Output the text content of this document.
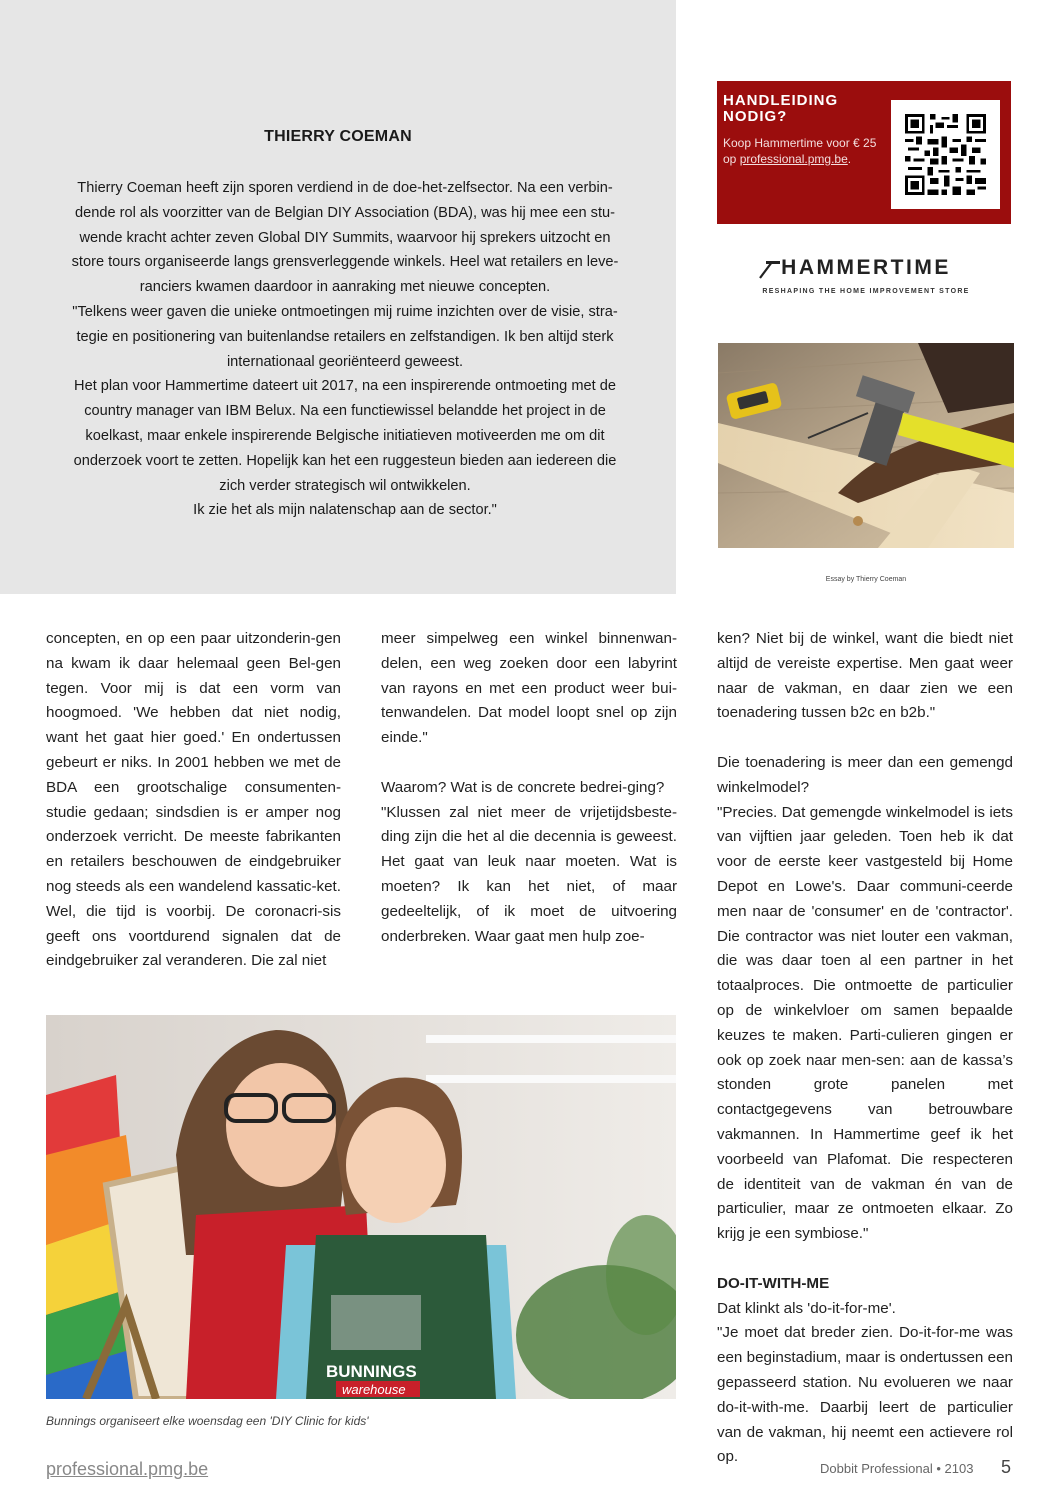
THIERRY COEMAN

Thierry Coeman heeft zijn sporen verdiend in de doe-het-zelfsector. Na een verbin-

dende rol als voorzitter van de Belgian DIY Association (BDA), was hij mee een stu-

wende kracht achter zeven Global DIY Summits, waarvoor hij sprekers uitzocht en

store tours organiseerde langs grensverleggende winkels. Heel wat retailers en leve-

ranciers kwamen daardoor in aanraking met nieuwe concepten.

"Telkens weer gaven die unieke ontmoetingen mij ruime inzichten over de visie, stra-

tegie en positionering van buitenlandse retailers en zelfstandigen. Ik ben altijd sterk

internationaal georiënteerd geweest.

Het plan voor Hammertime dateert uit 2017, na een inspirerende ontmoeting met de

country manager van IBM Belux. Na een functiewissel belandde het project in de

koelkast, maar enkele inspirerende Belgische initiatieven motiveerden me om dit

onderzoek voort te zetten. Hopelijk kan het een ruggesteun bieden aan iedereen die

zich verder strategisch wil ontwikkelen.

Ik zie het als mijn nalatenschap aan de sector."

HANDLEIDING
NODIG?
Koop Hammertime voor € 25 op professional.pmg.be.
HAMMERTIME
RESHAPING THE HOME IMPROVEMENT STORE
Essay by Thierry Coeman

concepten, en op een paar uitzonderin-gen na kwam ik daar helemaal geen Bel-gen tegen. Voor mij is dat een vorm van hoogmoed. 'We hebben dat niet nodig, want het gaat hier goed.' En ondertussen gebeurt er niks. In 2001 hebben we met de BDA een grootschalige consumenten-studie gedaan; sindsdien is er amper nog onderzoek verricht. De meeste fabrikanten en retailers beschouwen de eindgebruiker nog steeds als een wandelend kassatic-ket. Wel, die tijd is voorbij. De coronacri-sis geeft ons voortdurend signalen dat de eindgebruiker zal veranderen. Die zal niet

meer simpelweg een winkel binnenwan-delen, een weg zoeken door een labyrint van rayons en met een product weer bui-tenwandelen. Dat model loopt snel op zijn einde."

Waarom? Wat is de concrete bedrei-ging?

"Klussen zal niet meer de vrijetijdsbeste-ding zijn die het al die decennia is geweest. Het gaat van leuk naar moeten. Wat is moeten? Ik kan het niet, of maar gedeeltelijk, of ik moet de uitvoering onderbreken. Waar gaat men hulp zoe-

ken? Niet bij de winkel, want die biedt niet altijd de vereiste expertise. Men gaat weer naar de vakman, en daar zien we een toenadering tussen b2c en b2b."

Die toenadering is meer dan een gemengd winkelmodel?

"Precies. Dat gemengde winkelmodel is iets van vijftien jaar geleden. Toen heb ik dat voor de eerste keer vastgesteld bij Home Depot en Lowe's. Daar communi-ceerde men naar de 'consumer' en de 'contractor'. Die contractor was niet louter een vakman, die was daar toen al een partner in het totaalproces. Die ontmoette de particulier op de winkelvloer om samen bepaalde keuzes te maken. Parti-culieren gingen er ook op zoek naar men-sen: aan de kassa’s stonden grote panelen met contactgegevens van betrouwbare vakmannen. In Hammertime geef ik het voorbeeld van Plafomat. Die respecteren de identiteit van de vakman én van de particulier, maar ze ontmoeten elkaar. Zo krijg je een symbiose."

DO-IT-WITH-ME

Dat klinkt als 'do-it-for-me'.

"Je moet dat breder zien. Do-it-for-me was een beginstadium, maar is ondertussen een gepasseerd station. Nu evolueren we naar do-it-with-me. Daarbij leert de particulier van de vakman, hij neemt een actievere rol op.

BUNNINGS
warehouse
Bunnings organiseert elke woensdag een 'DIY Clinic for kids'
professional.pmg.be	Dobbit Professional • 2103 5
